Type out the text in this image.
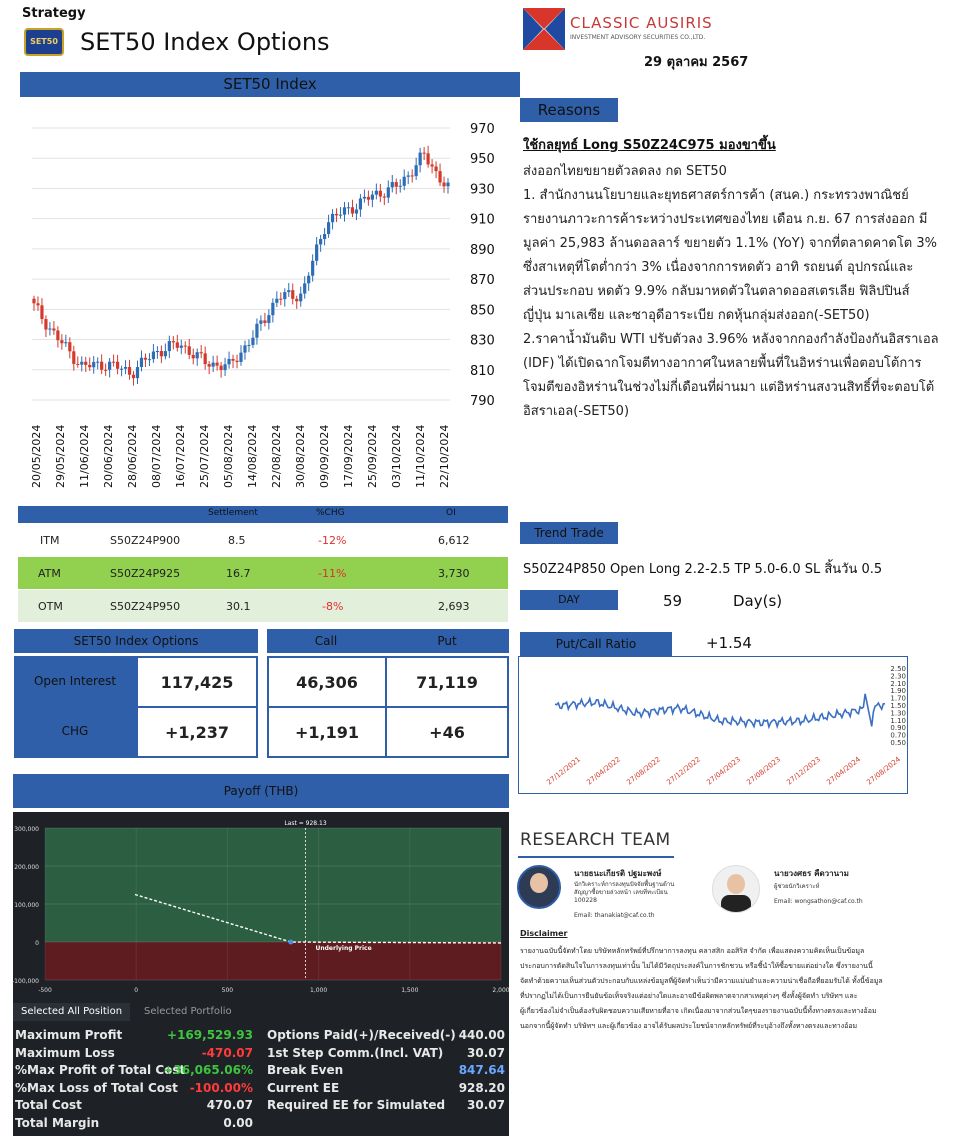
Strategy
SET50 SET50 Index Options
CLASSIC AUSIRIS
INVESTMENT ADVISORY SECURITIES CO.,LTD.
29 ตุลาคม 2567
SET50 Index
970
950
930
910
890
870
850
830
810
790
20/05/2024 29/05/2024 11/06/2024 20/06/2024 28/06/2024 08/07/2024 16/07/2024 25/07/2024 05/08/2024 14/08/2024 22/08/2024 30/08/2024 09/09/2024 17/09/2024 25/09/2024 03/10/2024 11/10/2024 22/10/2024
Reasons
ใช้กลยุทธ์ Long S50Z24C975 มองขาขึ้น
ส่งออกไทยขยายตัวลดลง กด SET50
1. สำนักงานนโยบายและยุทธศาสตร์การค้า (สนค.) กระทรวงพาณิชย์
รายงานภาวะการค้าระหว่างประเทศของไทย เดือน ก.ย. 67 การส่งออก มี
มูลค่า 25,983 ล้านดอลลาร์ ขยายตัว 1.1% (YoY) จากที่ตลาดคาดโต 3%
ซึ่งสาเหตุที่โตต่ำกว่า 3% เนื่องจากการหดตัว อาทิ รถยนต์ อุปกรณ์และ
ส่วนประกอบ หดตัว 9.9% กลับมาหดตัวในตลาดออสเตรเลีย ฟิลิปปินส์
ญี่ปุ่น มาเลเซีย และซาอุดีอาระเบีย กดหุ้นกลุ่มส่งออก(-SET50)
2.ราคาน้ำมันดิบ WTI ปรับตัวลง 3.96% หลังจากกองกำลังป้องกันอิสราเอล
(IDF) ได้เปิดฉากโจมตีทางอากาศในหลายพื้นที่ในอิหร่านเพื่อตอบโต้การ
โจมตีของอิหร่านในช่วงไม่กี่เดือนที่ผ่านมา แต่อิหร่านสงวนสิทธิ์ที่จะตอบโต้
อิสราเอล(-SET50)
Settlement	%CHG	OI
ITM	S50Z24P900	8.5	-12%	6,612
ATM	S50Z24P925	16.7	-11%	3,730
OTM	S50Z24P950	30.1	-8%	2,693
Trend Trade
S50Z24P850 Open Long 2.2-2.5 TP 5.0-6.0 SL สิ้นวัน 0.5
DAY	59	Day(s)
SET50 Index Options	Call	Put
Open Interest	117,425	46,306	71,119
CHG	+1,237	+1,191	+46
Put/Call Ratio	+1.54
2.50
2.30
2.10
1.90
1.70
1.50
1.30
1.10
0.90
0.70
0.50
27/12/2021 27/04/2022 27/08/2022 27/12/2022 27/04/2023 27/08/2023 27/12/2023 27/04/2024 27/08/2024
Payoff (THB)
300,000
200,000
100,000
0
-100,000
-500	0	500	1,000	1,500	2,000
Last = 928.13
Underlying Price
Selected All Position	Selected Portfolio
RESEARCH TEAM
นายธนะเกียรติ ปฐมะพงษ์
นักวิเคราะห์การลงทุนปัจจัยพื้นฐานด้านสัญญาซื้อขายล่วงหน้า เลขที่ทะเบียน 100228
Email: thanakiat@caf.co.th
นายวงศธร คืดวานาม
ผู้ช่วยนักวิเคราะห์
Email: wongsathon@caf.co.th
Disclaimer
รายงานฉบับนี้จัดทำโดย บริษัทหลักทรัพย์ที่ปรึกษาการลงทุน คลาสสิก ออสิริส จำกัด เพื่อแสดงความคิดเห็นเป็นข้อมูล
ประกอบการตัดสินใจในการลงทุนเท่านั้น ไม่ได้มีวัตถุประสงค์ในการชักชวน หรือชี้นำให้ซื้อขายแต่อย่างใด ซึ่งรายงานนี้
จัดทำด้วยความเห็นส่วนตัวประกอบกับแหล่งข้อมูลที่ผู้จัดทำเห็นว่ามีความแม่นยำและความน่าเชื่อถือที่ยอมรับได้ ทั้งนี้ข้อมูล
ที่ปรากฏไม่ได้เป็นการยืนยันข้อเท็จจริงแต่อย่างใดและอาจมีข้อผิดพลาดจากสาเหตุต่างๆ ซึ่งทั้งผู้จัดทำ บริษัทฯ และ
ผู้เกี่ยวข้องไม่จำเป็นต้องรับผิดชอบความเสียหายที่อาจ เกิดเนื่องมาจากส่วนใดๆของรายงานฉบับนี้ทั้งทางตรงและทางอ้อม
นอกจากนี้ผู้จัดทำ บริษัทฯ และผู้เกี่ยวข้อง อาจได้รับผลประโยชน์จากหลักทรัพย์ที่ระบุอ้างถึงทั้งทางตรงและทางอ้อม
Maximum Profit	+169,529.93
Maximum Loss	-470.07
%Max Profit of Total Cost
+36,065.06%
%Max Loss of Total Cost -100.00%
Total Cost	470.07
Total Margin	0.00
Options Paid(+)/Received(-) 440.00
1st Step Comm.(Incl. VAT)	30.07
Break Even	847.64
Current EE	928.20
Required EE for Simulated	30.07
